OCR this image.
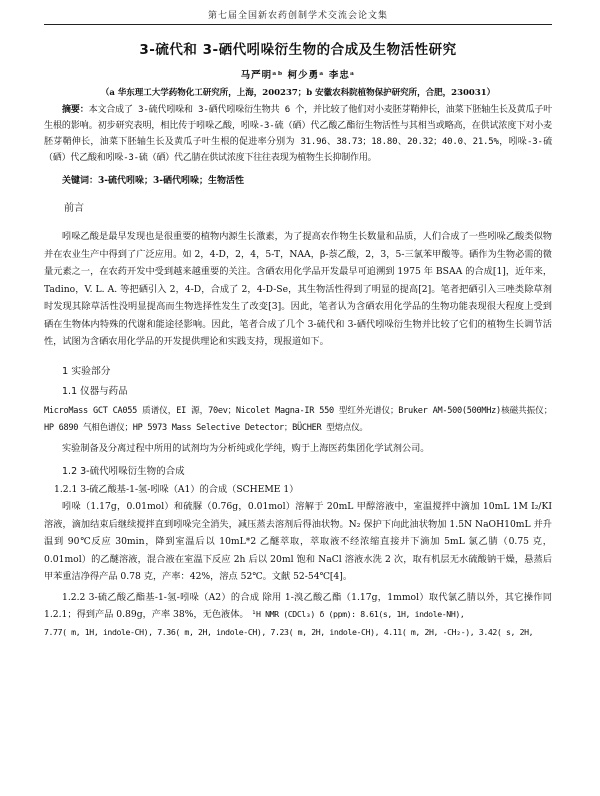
第七届全国新农药创制学术交流会论文集
3-硫代和 3-硒代吲哚衍生物的合成及生物活性研究
马严明ᵃᵇ 柯少勇ᵃ 李忠ᵃ
（a 华东理工大学药物化工研究所，上海，200237；b 安徽农科院植物保护研究所，合肥，230031）
摘要：本文合成了 3-硫代吲哚和 3-硒代吲哚衍生物共 6 个，并比较了他们对小麦胚芽鞘伸长，油菜下胚轴生长及黄瓜子叶生根的影响。初步研究表明，相比传于吲哚乙酸，吲哚-3-硫（硒）代乙酸乙酯衍生物活性与其相当或略高，在供试浓度下对小麦胚芽鞘伸长，油菜下胚轴生长及黄瓜子叶生根的促进率分别为 31.96、38.73；18.80、20.32；40.0、21.5%，吲哚-3-硫（硒）代乙酸和吲哚-3-硫（硒）代乙腈在供试浓度下往往表现为植物生长抑制作用。
关键词：3-硫代吲哚；3-硒代吲哚；生物活性
前言

吲哚乙酸是最早发现也是很重要的植物内源生长激素，为了提高农作物生长数量和品质，人们合成了一些吲哚乙酸类似物并在农业生产中得到了广泛应用。如 2，4-D，2，4，5-T，NAA，β-萘乙酸，2，3，5-三氯苯甲酸等。硒作为生物必需的微量元素之一，在农药开发中受到越来越重要的关注。含硒农用化学品开发最早可追溯到 1975 年 BSAA 的合成[1]，近年来，Tadino，V. L. A. 等把硒引入 2，4-D，合成了 2，4-D-Se，其生物活性得到了明显的提高[2]。笔者把硒引入三唑类除草剂时发现其除草活性没明显提高而生物选择性发生了改变[3]。因此，笔者认为含硒农用化学品的生物功能表现很大程度上受到硒在生物体内特殊的代谢和能途径影响。因此，笔者合成了几个 3-硫代和 3-硒代吲哚衍生物并比较了它们的植物生长调节活性，试图为含硒农用化学品的开发提供理论和实践支持，现报道如下。

1 实验部分
1.1 仪器与药品

MicroMass GCT CA055 质谱仪，EI 源，70ev；Nicolet Magna-IR 550 型红外光谱仪；Bruker AM-500(500MHz)核磁共振仪；HP 6890 气相色谱仪；HP 5973 Mass Selective Detector；BÜCHER 型熔点仪。

实验制备及分离过程中所用的试剂均为分析纯或化学纯，购于上海医药集团化学试剂公司。

1.2 3-硫代吲哚衍生物的合成
1.2.1 3-硫乙酸基-1-氢-吲哚（A1）的合成（SCHEME 1）

吲哚（1.17g，0.01mol）和硫脲（0.76g，0.01mol）溶解于 20mL 甲醇溶液中，室温搅拌中滴加 10mL 1M I₂/KI 溶液，滴加结束后继续搅拌直到吲哚完全消失，减压蒸去溶剂后得油状物。N₂ 保护下向此油状物加 1.5N NaOH10mL 并升温到 90℃反应 30min，降到室温后以 10mL*2 乙醚萃取，萃取液不经浓缩直接并下滴加 5mL 氯乙腈（0.75 克，0.01mol）的乙醚溶液，混合液在室温下反应 2h 后以 20ml 饱和 NaCl 溶液水洗 2 次，取有机层无水硫酸钠干燥，悬蒸后甲苯重洁净得产品 0.78 克，产率：42%，溶点 52℃。文献 52-54℃[4]。

1.2.2 3-硫乙酸乙酯基-1-氢-吲哚（A2）的合成 除用 1-溴乙酸乙酯（1.17g，1mmol）取代氯乙腈以外，其它操作同 1.2.1；得到产品 0.89g，产率 38%，无色液体。 ¹H NMR (CDCl₃) δ (ppm): 8.61(s, 1H, indole-NH),

7.77( m, 1H, indole-CH), 7.36( m, 2H, indole-CH), 7.23( m, 2H, indole-CH), 4.11( m, 2H, -CH₂-), 3.42( s, 2H,
